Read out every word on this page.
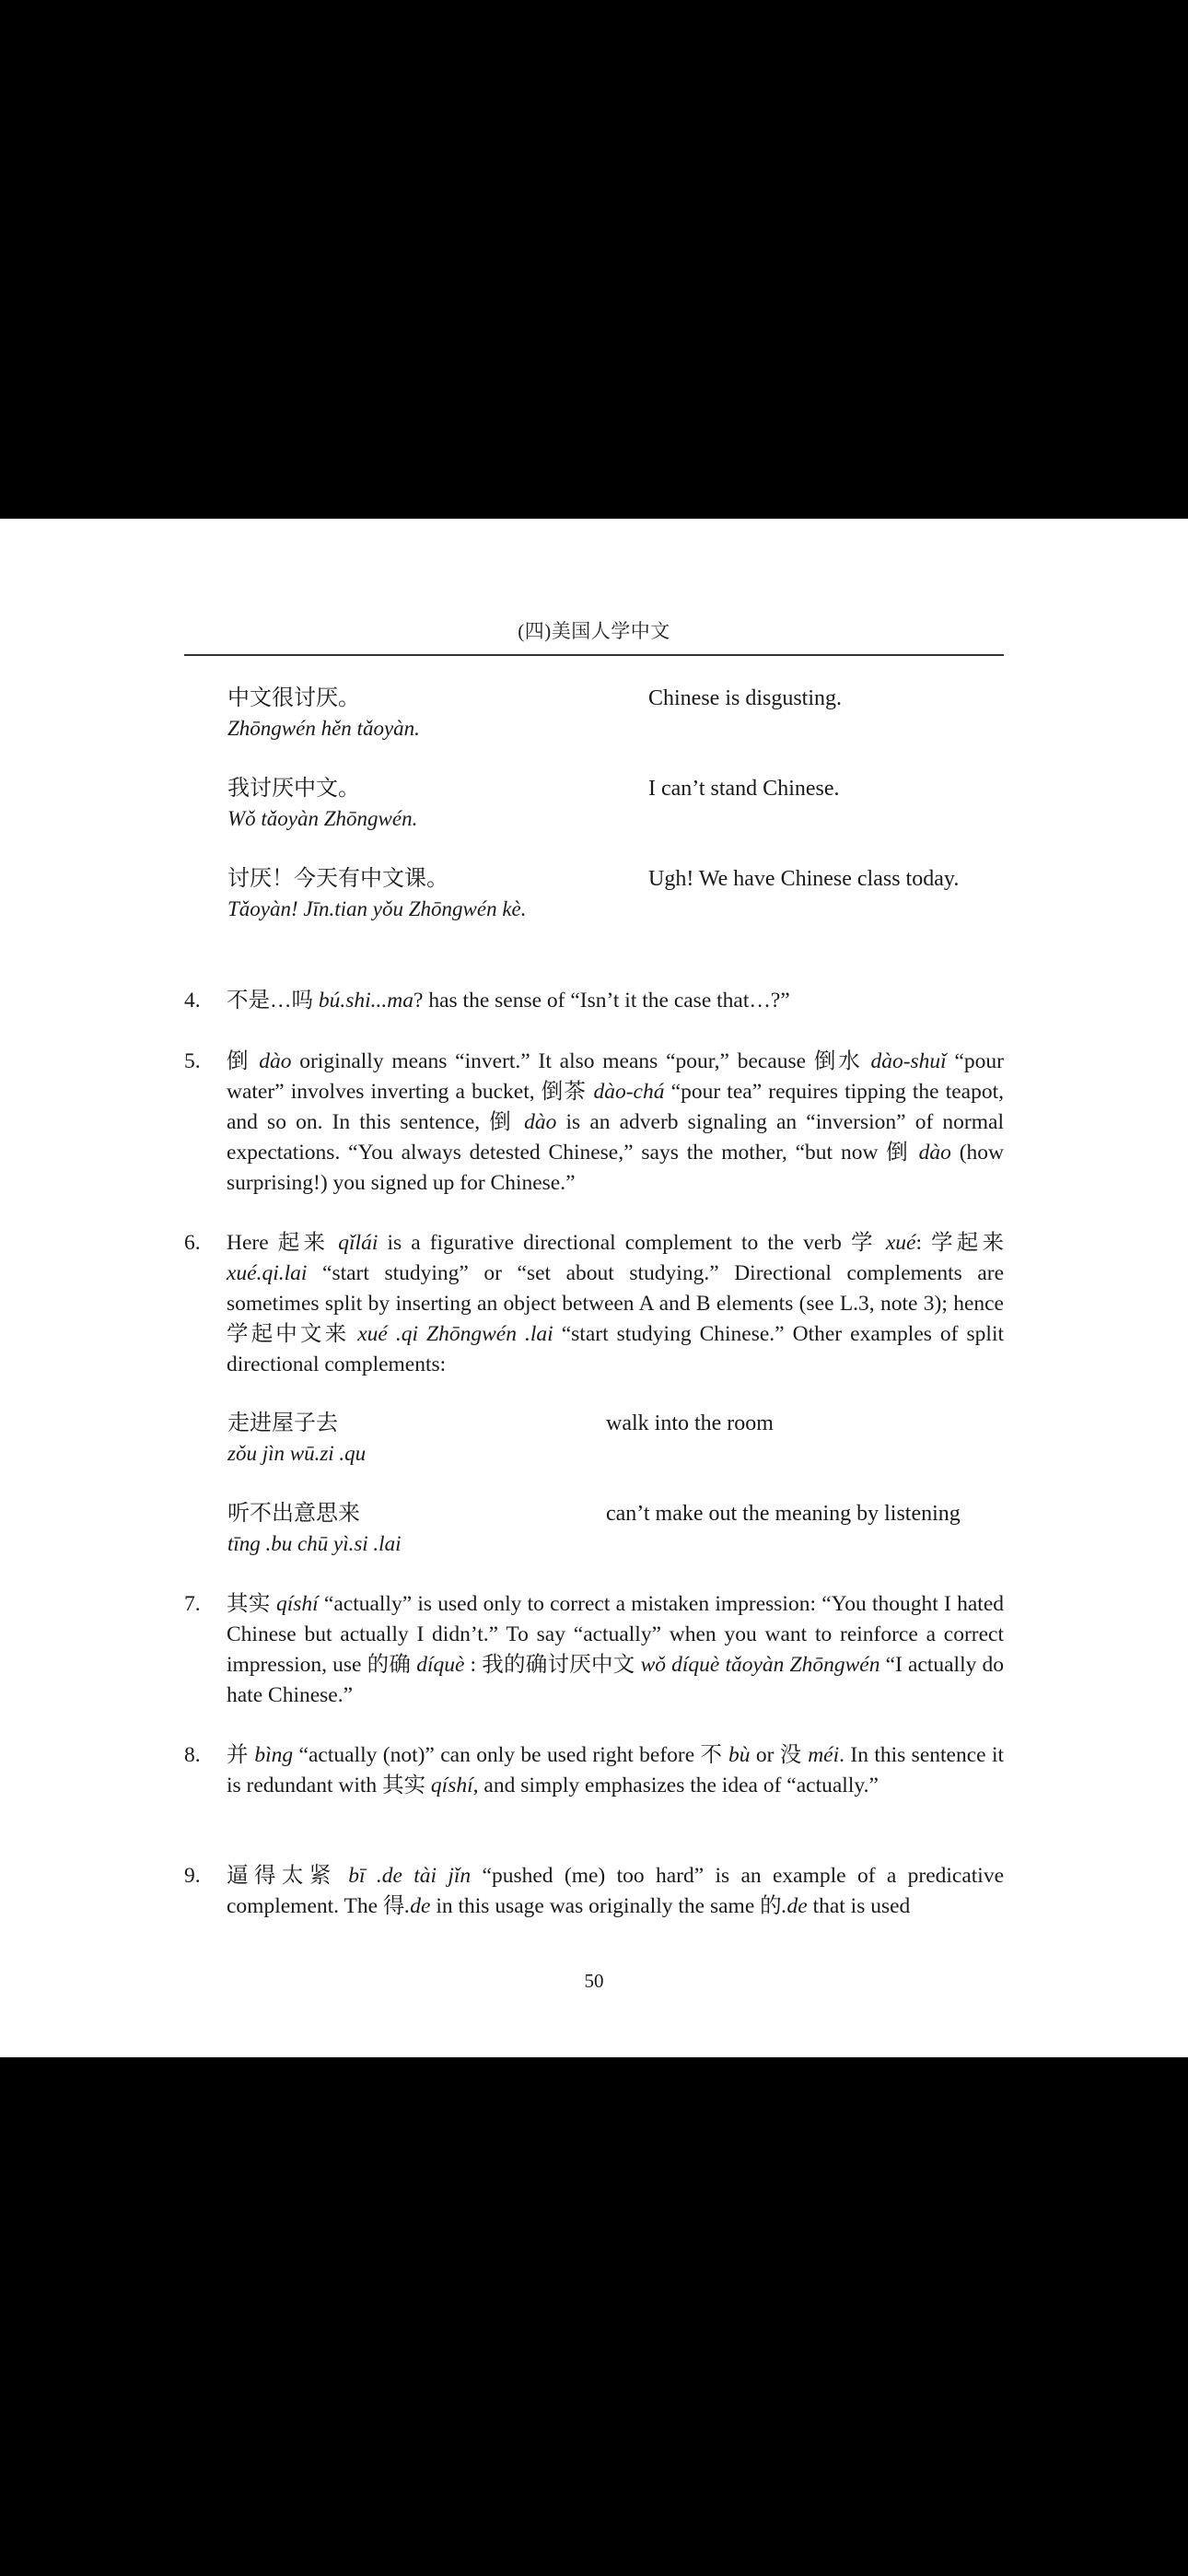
(四)美国人学中文
中文很讨厌。
Zhōngwén hěn tǎoyàn.
Chinese is disgusting.
我讨厌中文。
Wǒ tǎoyàn Zhōngwén.
I can’t stand Chinese.
讨厌！今天有中文课。
Tǎoyàn! Jīn.tian yǒu Zhōngwén kè.
Ugh! We have Chinese class today.
4.	不是…吗 bú.shi...ma? has the sense of “Isn’t it the case that…?”
5.	倒 dào originally means “invert.” It also means “pour,” because 倒水 dào-shuǐ “pour water” involves inverting a bucket, 倒茶 dào-chá “pour tea” requires tipping the teapot, and so on. In this sentence, 倒 dào is an adverb signaling an “inversion” of normal expectations. “You always detested Chinese,” says the mother, “but now 倒 dào (how surprising!) you signed up for Chinese.”
6.	Here 起来 qǐlái is a figurative directional complement to the verb 学 xué: 学起来 xué.qi.lai “start studying” or “set about studying.” Directional complements are sometimes split by inserting an object between A and B elements (see L.3, note 3); hence 学起中文来 xué .qi Zhōngwén .lai “start studying Chinese.” Other examples of split directional complements:
走进屋子去
zǒu jìn wū.zi .qu
walk into the room
听不出意思来
tīng .bu chū yì.si .lai
can’t make out the meaning by listening
7.	其实 qíshí “actually” is used only to correct a mistaken impression: “You thought I hated Chinese but actually I didn’t.” To say “actually” when you want to reinforce a correct impression, use 的确 díquè : 我的确讨厌中文 wǒ díquè tǎoyàn Zhōngwén “I actually do hate Chinese.”
8.	并 bìng “actually (not)” can only be used right before 不 bù or 没 méi. In this sentence it is redundant with 其实 qíshí, and simply emphasizes the idea of “actually.”
9.	逼得太紧 bī .de tài jǐn “pushed (me) too hard” is an example of a predicative complement. The 得.de in this usage was originally the same 的.de that is used
50
